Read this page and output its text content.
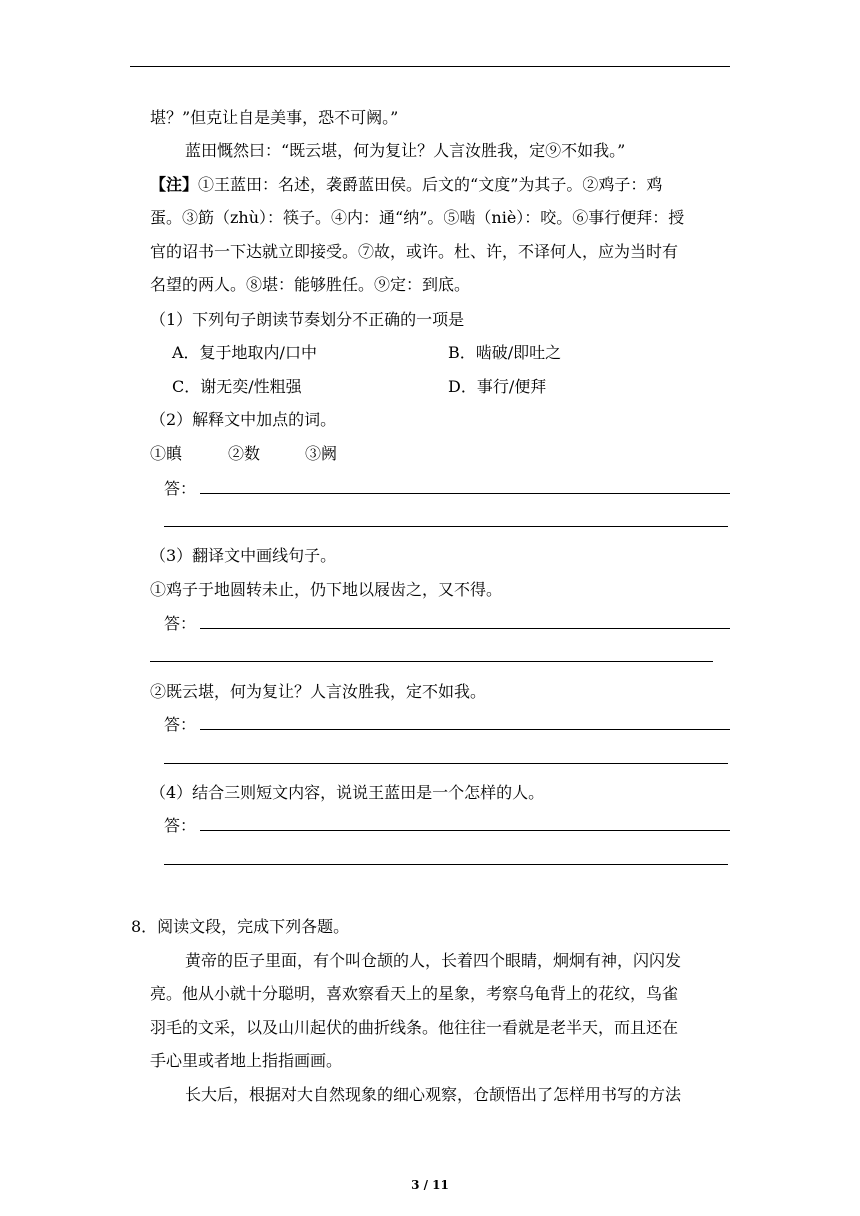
堪？”但克让自是美事，恐不可阙。”
蓝田慨然曰：“既云堪，何为复让？人言汝胜我，定⑨不如我。”
【注】①王蓝田：名述，袭爵蓝田侯。后文的“文度”为其子。②鸡子：鸡
蛋。③筯（zhù）：筷子。④内：通“纳”。⑤啮（niè）：咬。⑥事行便拜：授
官的诏书一下达就立即接受。⑦故，或许。杜、许，不译何人，应为当时有
名望的两人。⑧堪：能够胜任。⑨定：到底。
（1）下列句子朗读节奏划分不正确的一项是
A．复于地取内/口中	B．啮破/即吐之
C．谢无奕/性粗强	D．事行/便拜
（2）解释文中加点的词。
①瞋	②数	③阙
答：
（3）翻译文中画线句子。
①鸡子于地圆转未止，仍下地以屐齿之，又不得。
答：
②既云堪，何为复让？人言汝胜我，定不如我。
答：
（4）结合三则短文内容，说说王蓝田是一个怎样的人。
答：
8．阅读文段，完成下列各题。
黄帝的臣子里面，有个叫仓颉的人，长着四个眼睛，炯炯有神，闪闪发
亮。他从小就十分聪明，喜欢察看天上的星象，考察乌龟背上的花纹，鸟雀
羽毛的文采，以及山川起伏的曲折线条。他往往一看就是老半天，而且还在
手心里或者地上指指画画。
长大后，根据对大自然现象的细心观察，仓颉悟出了怎样用书写的方法
3 / 11
